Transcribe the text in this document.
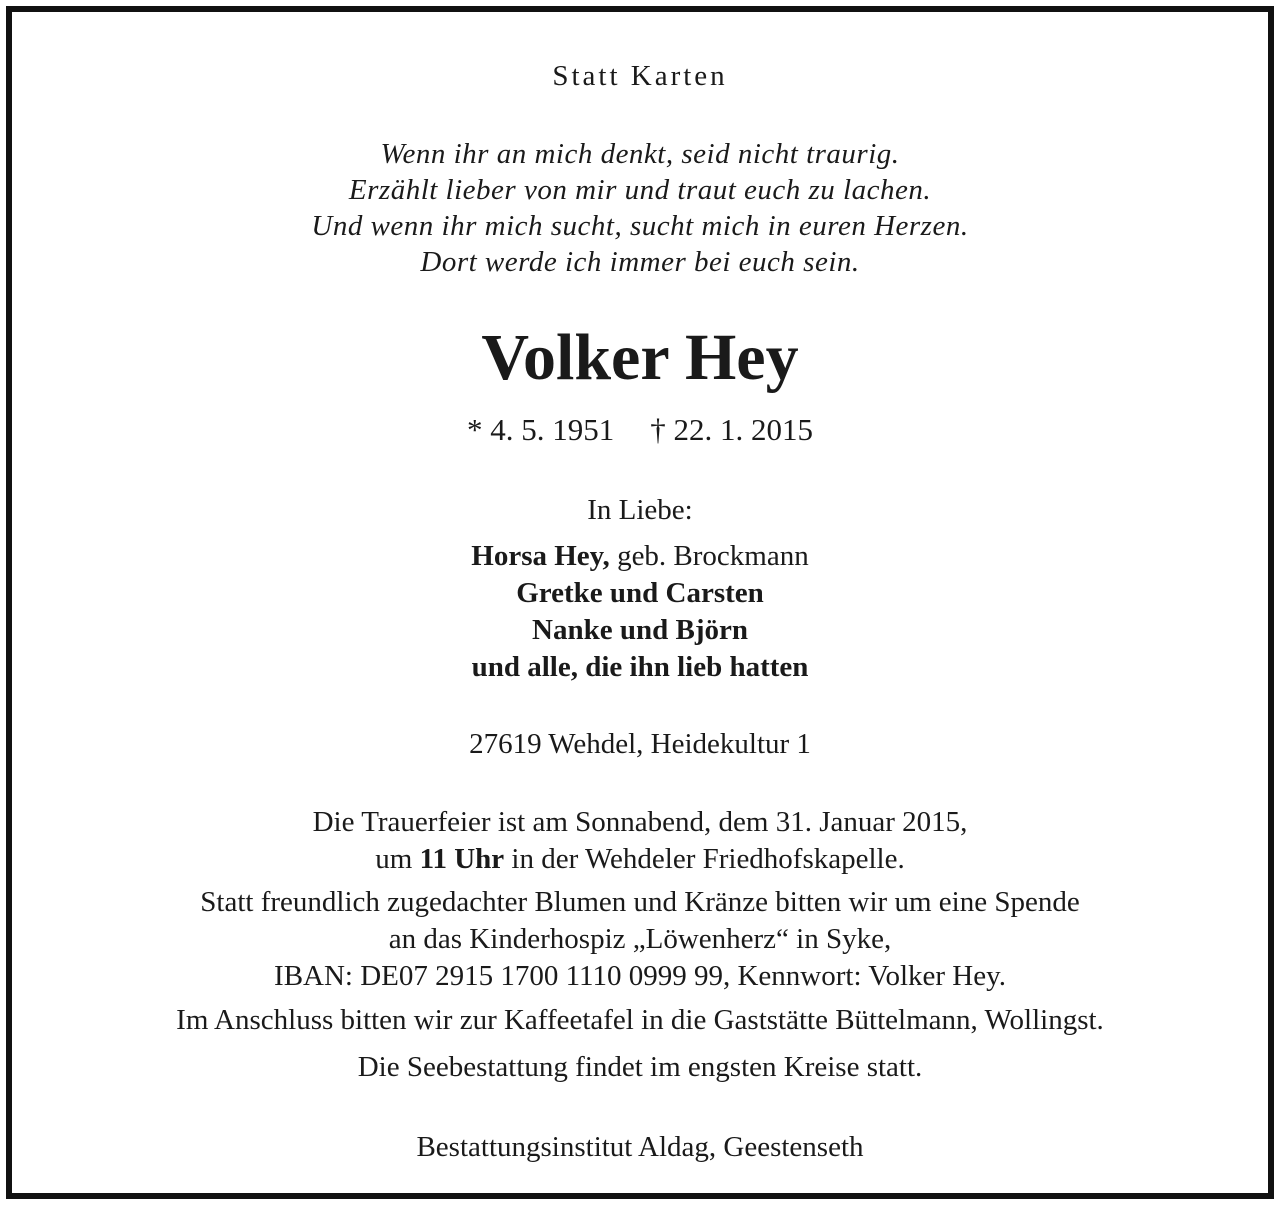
Statt Karten
Wenn ihr an mich denkt, seid nicht traurig.
Erzählt lieber von mir und traut euch zu lachen.
Und wenn ihr mich sucht, sucht mich in euren Herzen.
Dort werde ich immer bei euch sein.
Volker Hey
* 4. 5. 1951 † 22. 1. 2015
In Liebe:
Horsa Hey, geb. Brockmann
Gretke und Carsten
Nanke und Björn
und alle, die ihn lieb hatten
27619 Wehdel, Heidekultur 1
Die Trauerfeier ist am Sonnabend, dem 31. Januar 2015,
um 11 Uhr in der Wehdeler Friedhofskapelle.
Statt freundlich zugedachter Blumen und Kränze bitten wir um eine Spende
an das Kinderhospiz „Löwenherz“ in Syke,
IBAN: DE07 2915 1700 1110 0999 99, Kennwort: Volker Hey.
Im Anschluss bitten wir zur Kaffeetafel in die Gaststätte Büttelmann, Wollingst.
Die Seebestattung findet im engsten Kreise statt.
Bestattungsinstitut Aldag, Geestenseth
